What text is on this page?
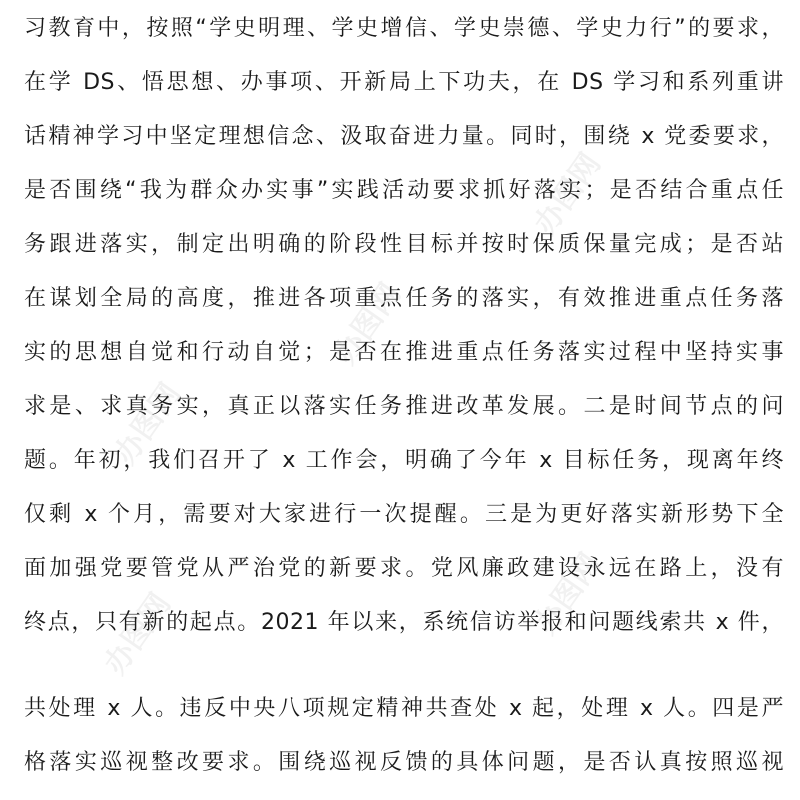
办图网
办图网
办图网
办图网
办图网
习教育中，按照“学史明理、学史增信、学史崇德、学史力行”的要求，
在学 DS、悟思想、办事项、开新局上下功夫，在 DS 学习和系列重讲
话精神学习中坚定理想信念、汲取奋进力量。同时，围绕 x 党委要求，
是否围绕“我为群众办实事”实践活动要求抓好落实；是否结合重点任
务跟进落实，制定出明确的阶段性目标并按时保质保量完成；是否站
在谋划全局的高度，推进各项重点任务的落实，有效推进重点任务落
实的思想自觉和行动自觉；是否在推进重点任务落实过程中坚持实事
求是、求真务实，真正以落实任务推进改革发展。二是时间节点的问
题。年初，我们召开了 x 工作会，明确了今年 x 目标任务，现离年终
仅剩 x 个月，需要对大家进行一次提醒。三是为更好落实新形势下全
面加强党要管党从严治党的新要求。党风廉政建设永远在路上，没有
终点，只有新的起点。2021 年以来，系统信访举报和问题线索共 x 件，
共处理 x 人。违反中央八项规定精神共查处 x 起，处理 x 人。四是严
格落实巡视整改要求。围绕巡视反馈的具体问题，是否认真按照巡视
